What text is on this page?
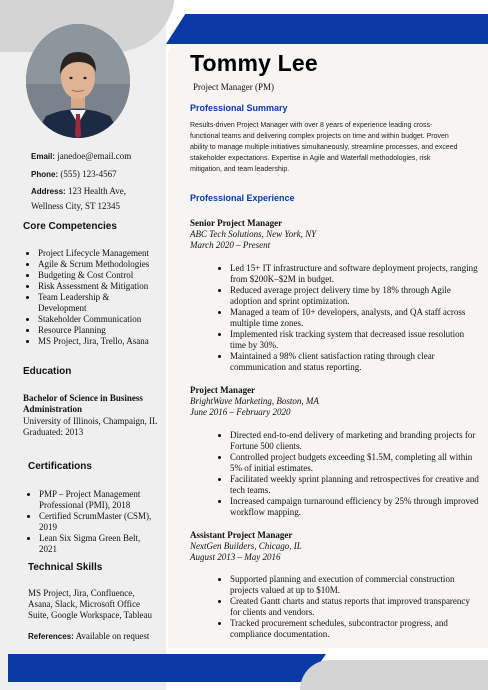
Email: janedoe@email.com
Phone: (555) 123-4567
Address: 123 Health Ave,
Wellness City, ST 12345
Core Competencies
• Project Lifecycle Management
• Agile & Scrum Methodologies
• Budgeting & Cost Control
• Risk Assessment & Mitigation
• Team Leadership & Development
• Stakeholder Communication
• Resource Planning
• MS Project, Jira, Trello, Asana
Education
Bachelor of Science in Business Administration
University of Illinois, Champaign, IL
Graduated: 2013
Certifications
• PMP – Project Management Professional (PMI), 2018
• Certified ScrumMaster (CSM), 2019
• Lean Six Sigma Green Belt, 2021
Technical Skills
MS Project, Jira, Confluence, Asana, Slack, Microsoft Office Suite, Google Workspace, Tableau
References: Available on request
Tommy Lee
Project Manager (PM)
Professional Summary
Results-driven Project Manager with over 8 years of experience leading cross-functional teams and delivering complex projects on time and within budget. Proven ability to manage multiple initiatives simultaneously, streamline processes, and exceed stakeholder expectations. Expertise in Agile and Waterfall methodologies, risk mitigation, and team leadership.
Professional Experience
Senior Project Manager
ABC Tech Solutions, New York, NY
March 2020 – Present
• Led 15+ IT infrastructure and software deployment projects, ranging from $200K–$2M in budget.
• Reduced average project delivery time by 18% through Agile adoption and sprint optimization.
• Managed a team of 10+ developers, analysts, and QA staff across multiple time zones.
• Implemented risk tracking system that decreased issue resolution time by 30%.
• Maintained a 98% client satisfaction rating through clear communication and status reporting.
Project Manager
BrightWave Marketing, Boston, MA
June 2016 – February 2020
• Directed end-to-end delivery of marketing and branding projects for Fortune 500 clients.
• Controlled project budgets exceeding $1.5M, completing all within 5% of initial estimates.
• Facilitated weekly sprint planning and retrospectives for creative and tech teams.
• Increased campaign turnaround efficiency by 25% through improved workflow mapping.
Assistant Project Manager
NextGen Builders, Chicago, IL
August 2013 – May 2016
• Supported planning and execution of commercial construction projects valued at up to $10M.
• Created Gantt charts and status reports that improved transparency for clients and vendors.
• Tracked procurement schedules, subcontractor progress, and compliance documentation.
